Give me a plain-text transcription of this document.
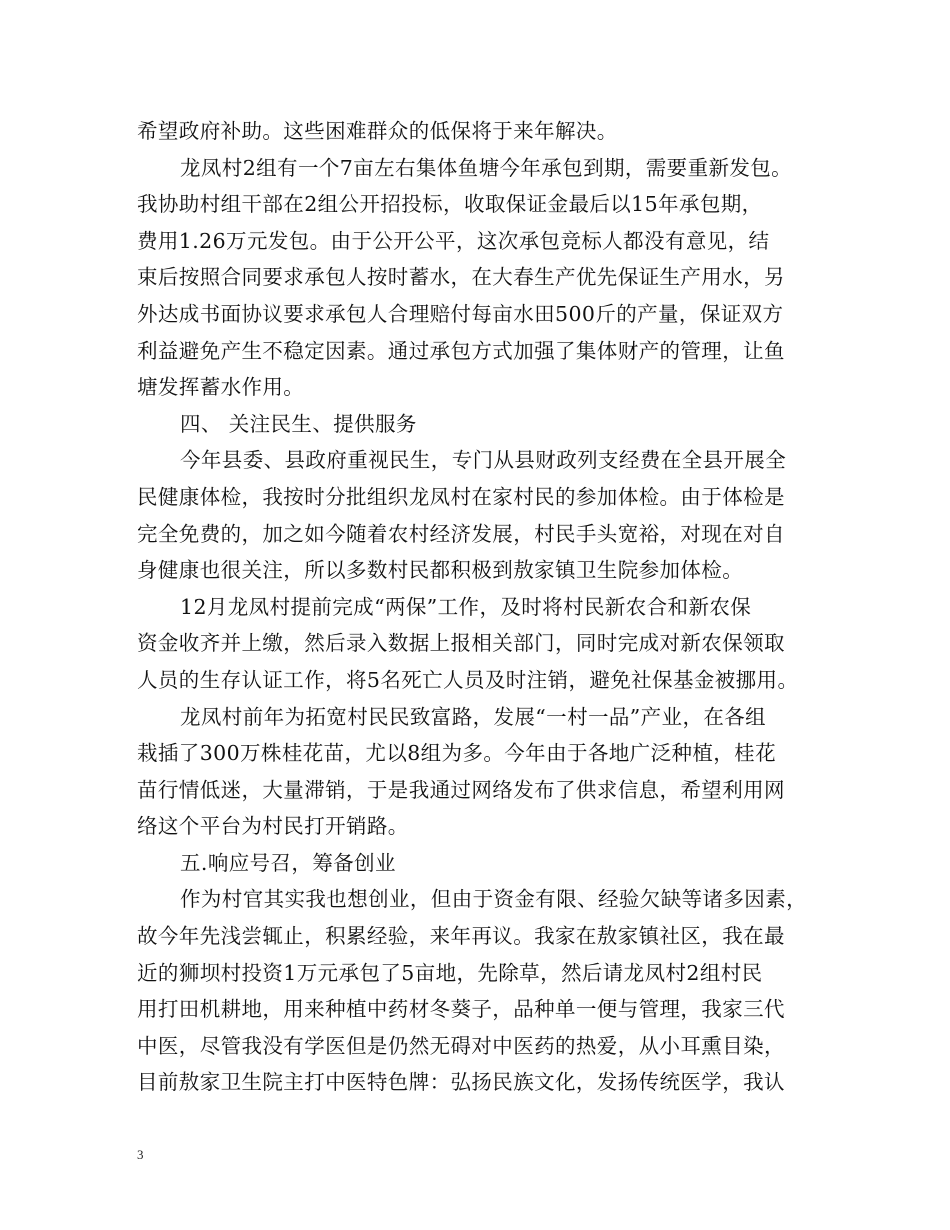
希望政府补助。这些困难群众的低保将于来年解决。
龙凤村2组有一个7亩左右集体鱼塘今年承包到期，需要重新发包。
我协助村组干部在2组公开招投标，收取保证金最后以15年承包期，
费用1.26万元发包。由于公开公平，这次承包竞标人都没有意见，结
束后按照合同要求承包人按时蓄水，在大春生产优先保证生产用水，另
外达成书面协议要求承包人合理赔付每亩水田500斤的产量，保证双方
利益避免产生不稳定因素。通过承包方式加强了集体财产的管理，让鱼
塘发挥蓄水作用。
四、 关注民生、提供服务
今年县委、县政府重视民生，专门从县财政列支经费在全县开展全
民健康体检，我按时分批组织龙凤村在家村民的参加体检。由于体检是
完全免费的，加之如今随着农村经济发展，村民手头宽裕，对现在对自
身健康也很关注，所以多数村民都积极到敖家镇卫生院参加体检。
12月龙凤村提前完成“两保”工作，及时将村民新农合和新农保
资金收齐并上缴，然后录入数据上报相关部门，同时完成对新农保领取
人员的生存认证工作，将5名死亡人员及时注销，避免社保基金被挪用。
龙凤村前年为拓宽村民民致富路，发展“一村一品”产业，在各组
栽插了300万株桂花苗，尤以8组为多。今年由于各地广泛种植，桂花
苗行情低迷，大量滞销，于是我通过网络发布了供求信息，希望利用网
络这个平台为村民打开销路。
五.响应号召，筹备创业
作为村官其实我也想创业，但由于资金有限、经验欠缺等诸多因素，
故今年先浅尝辄止，积累经验，来年再议。我家在敖家镇社区，我在最
近的狮坝村投资1万元承包了5亩地，先除草，然后请龙凤村2组村民
用打田机耕地，用来种植中药材冬葵子，品种单一便与管理，我家三代
中医，尽管我没有学医但是仍然无碍对中医药的热爱，从小耳熏目染，
目前敖家卫生院主打中医特色牌：弘扬民族文化，发扬传统医学，我认
3
